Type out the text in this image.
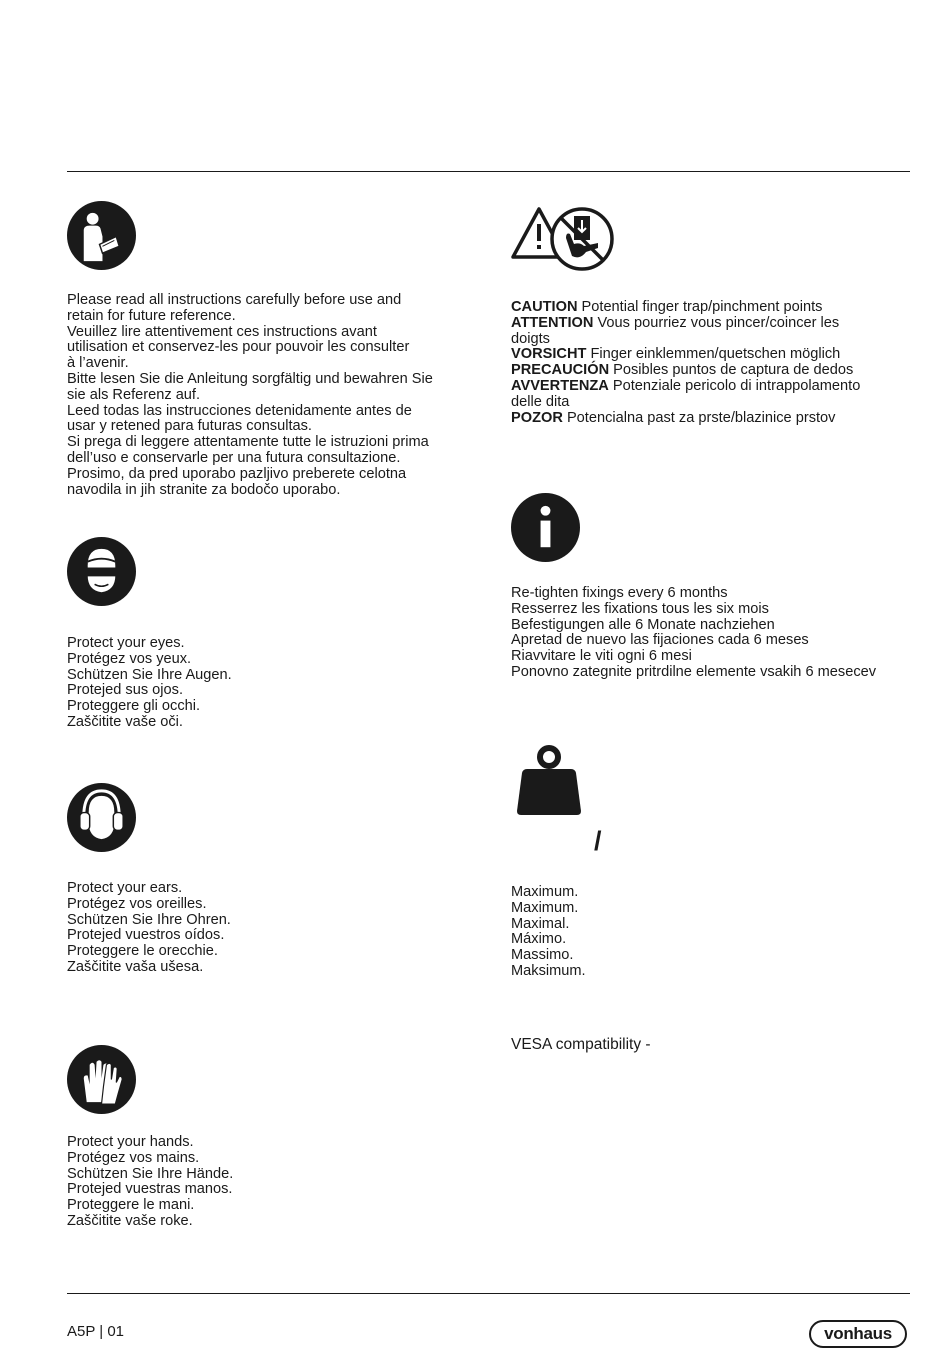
Please read all instructions carefully before use and
retain for future reference.
Veuillez lire attentivement ces instructions avant
utilisation et conservez-les pour pouvoir les consulter
à l’avenir.
Bitte lesen Sie die Anleitung sorgfältig und bewahren Sie
sie als Referenz auf.
Leed todas las instrucciones detenidamente antes de
usar y retened para futuras consultas.
Si prega di leggere attentamente tutte le istruzioni prima
dell’uso e conservarle per una futura consultazione.
Prosimo, da pred uporabo pazljivo preberete celotna
navodila in jih stranite za bodočo uporabo.
Protect your eyes.
Protégez vos yeux.
Schützen Sie Ihre Augen.
Protejed sus ojos.
Proteggere gli occhi.
Zaščitite vaše oči.
Protect your ears.
Protégez vos oreilles.
Schützen Sie Ihre Ohren.
Protejed vuestros oídos.
Proteggere le orecchie.
Zaščitite vaša ušesa.
Protect your hands.
Protégez vos mains.
Schützen Sie Ihre Hände.
Protejed vuestras manos.
Proteggere le mani.
Zaščitite vaše roke.
CAUTION Potential finger trap/pinchment points
ATTENTION Vous pourriez vous pincer/coincer les
doigts
VORSICHT Finger einklemmen/quetschen möglich
PRECAUCIÓN Posibles puntos de captura de dedos
AVVERTENZA Potenziale pericolo di intrappolamento
delle dita
POZOR Potencialna past za prste/blazinice prstov
Re-tighten fixings every 6 months
Resserrez les fixations tous les six mois
Befestigungen alle 6 Monate nachziehen
Apretad de nuevo las fijaciones cada 6 meses
Riavvitare le viti ogni 6 mesi
Ponovno zategnite pritrdilne elemente vsakih 6 mesecev
/
Maximum.
Maximum.
Maximal.
Máximo.
Massimo.
Maksimum.
VESA compatibility -
A5P | 01	vonhaus
